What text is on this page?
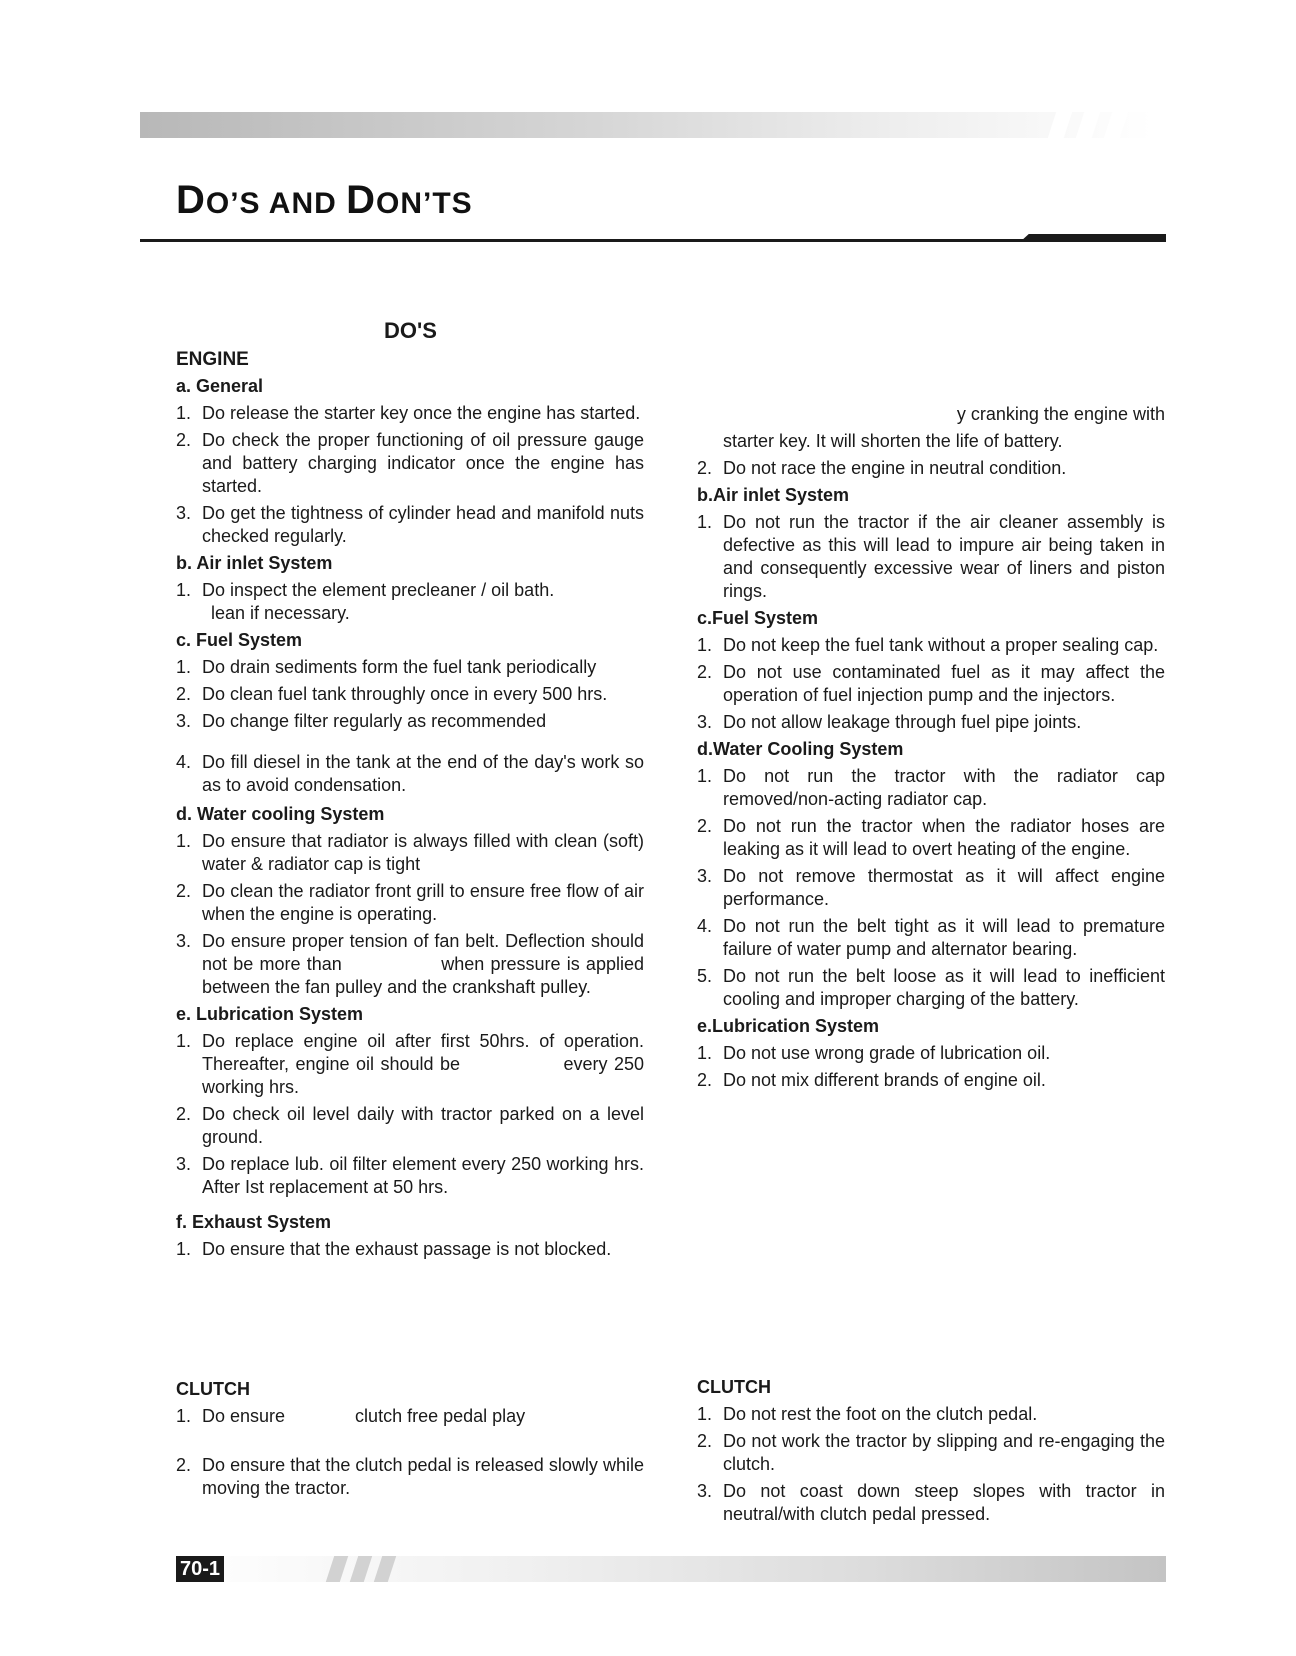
DO’S AND DON’TS
DO'S
ENGINE
a. General
1. Do release the starter key once the engine has started.
2. Do check the proper functioning of oil pressure gauge and battery charging indicator once the engine has started.
3. Do get the tightness of cylinder head and manifold nuts checked regularly.
b. Air inlet System
1. Do inspect the element precleaner / oil bath.
lean if necessary.
c. Fuel System
1. Do drain sediments form the fuel tank periodically
2. Do clean fuel tank throughly once in every 500 hrs.
3. Do change filter regularly as recommended
4. Do fill diesel in the tank at the end of the day's work so as to avoid condensation.
d. Water cooling System
1. Do ensure that radiator is always filled with clean (soft) water & radiator cap is tight
2. Do clean the radiator front grill to ensure free flow of air when the engine is operating.
3. Do ensure proper tension of fan belt. Deflection should not be more than                when pressure is applied between the fan pulley and the crankshaft pulley.
e. Lubrication System
1. Do replace engine oil after first 50hrs. of operation. Thereafter, engine oil should be                every 250 working hrs.
2. Do check oil level daily with tractor parked on a level ground.
3. Do replace lub. oil filter element every 250 working hrs. After Ist replacement at 50 hrs.
f. Exhaust System
1. Do ensure that the exhaust passage is not blocked.
y cranking the engine with
starter key. It will shorten the life of battery.
2. Do not race the engine in neutral condition.
b.Air inlet System
1. Do not run the tractor if the air cleaner assembly is defective as this will lead to impure air being taken in and consequently excessive wear of liners and piston rings.
c.Fuel System
1. Do not keep the fuel tank without a proper sealing cap.
2. Do not use contaminated fuel as it may affect the operation of fuel injection pump and the injectors.
3. Do not allow leakage through fuel pipe joints.
d.Water Cooling System
1. Do not run the tractor with the radiator cap removed/non-acting radiator cap.
2. Do not run the tractor when the radiator hoses are leaking as it will lead to overt heating of the engine.
3. Do not remove thermostat as it will affect engine performance.
4. Do not run the belt tight as it will lead to premature failure of water pump and alternator bearing.
5. Do not run the belt loose as it will lead to inefficient cooling and improper charging of the battery.
e.Lubrication System
1. Do not use wrong grade of lubrication oil.
2. Do not mix different brands of engine oil.
CLUTCH
1. Do ensure              clutch free pedal play
2. Do ensure that the clutch pedal is released slowly while moving the tractor.
CLUTCH
1. Do not rest the foot on the clutch pedal.
2. Do not work the tractor by slipping and re-engaging the clutch.
3. Do not coast down steep slopes with tractor in neutral/with clutch pedal pressed.
70-1
